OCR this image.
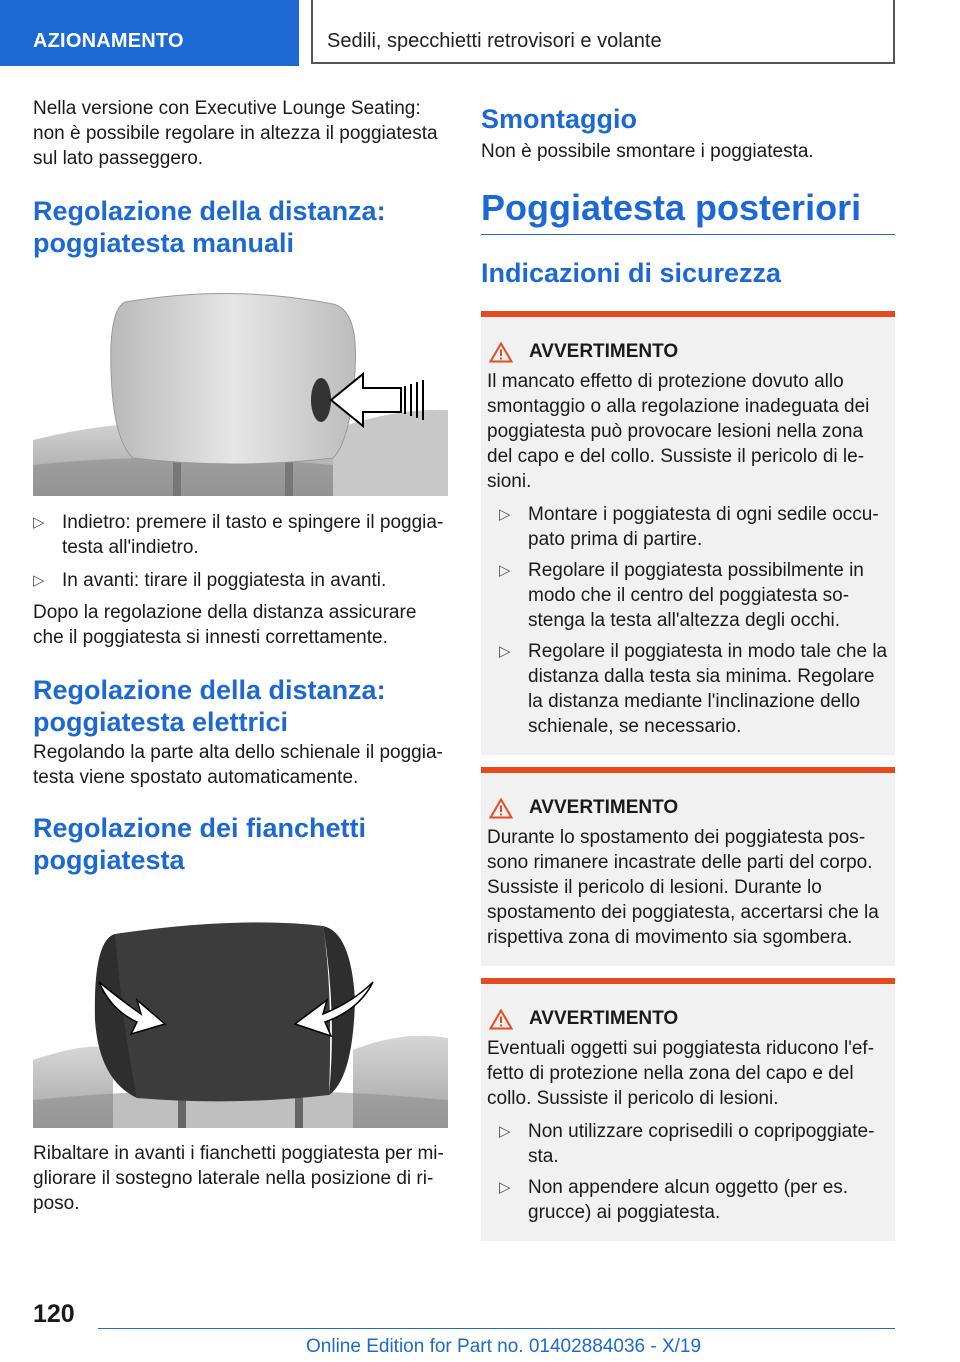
AZIONAMENTO	Sedili, specchietti retrovisori e volante

Nella versione con Executive Lounge Seating: non è possibile regolare in altezza il poggiatesta sul lato passeggero.

Regolazione della distanza: poggiatesta manuali
▷ Indietro: premere il tasto e spingere il poggiatesta all'indietro.
▷ In avanti: tirare il poggiatesta in avanti.

Dopo la regolazione della distanza assicurare che il poggiatesta si innesti correttamente.

Regolazione della distanza: poggiatesta elettrici

Regolando la parte alta dello schienale il poggiatesta viene spostato automaticamente.

Regolazione dei fianchetti poggiatesta

Ribaltare in avanti i fianchetti poggiatesta per migliorare il sostegno laterale nella posizione di riposo.

Smontaggio

Non è possibile smontare i poggiatesta.

Poggiatesta posteriori
Indicazioni di sicurezza
AVVERTIMENTO

Il mancato effetto di protezione dovuto allo smontaggio o alla regolazione inadeguata dei poggiatesta può provocare lesioni nella zona del capo e del collo. Sussiste il pericolo di lesioni.

▷ Montare i poggiatesta di ogni sedile occupato prima di partire.
▷ Regolare il poggiatesta possibilmente in modo che il centro del poggiatesta sostenga la testa all'altezza degli occhi.
▷ Regolare il poggiatesta in modo tale che la distanza dalla testa sia minima. Regolare la distanza mediante l'inclinazione dello schienale, se necessario.
AVVERTIMENTO

Durante lo spostamento dei poggiatesta possono rimanere incastrate delle parti del corpo. Sussiste il pericolo di lesioni. Durante lo spostamento dei poggiatesta, accertarsi che la rispettiva zona di movimento sia sgombera.

AVVERTIMENTO

Eventuali oggetti sui poggiatesta riducono l'effetto di protezione nella zona del capo e del collo. Sussiste il pericolo di lesioni.

▷ Non utilizzare coprisedili o copripoggiatesta.
▷ Non appendere alcun oggetto (per es. grucce) ai poggiatesta.
120
Online Edition for Part no. 01402884036 - X/19
